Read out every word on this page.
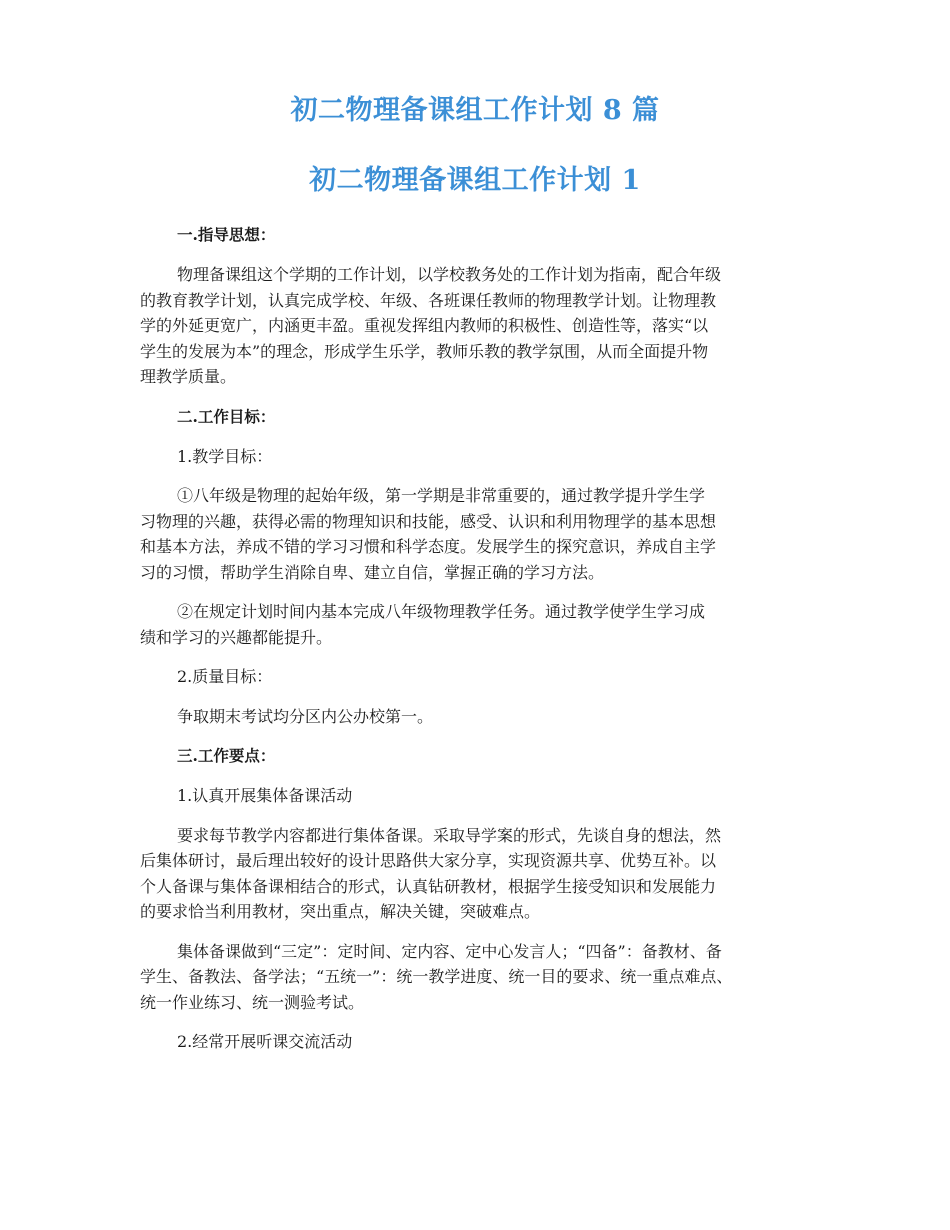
初二物理备课组工作计划 8 篇
初二物理备课组工作计划 1
一.指导思想：
物理备课组这个学期的工作计划，以学校教务处的工作计划为指南，配合年级
的教育教学计划，认真完成学校、年级、各班课任教师的物理教学计划。让物理教
学的外延更宽广，内涵更丰盈。重视发挥组内教师的积极性、创造性等，落实“以
学生的发展为本”的理念，形成学生乐学，教师乐教的教学氛围，从而全面提升物
理教学质量。
二.工作目标：
1.教学目标：
①八年级是物理的起始年级，第一学期是非常重要的，通过教学提升学生学
习物理的兴趣，获得必需的物理知识和技能，感受、认识和利用物理学的基本思想
和基本方法，养成不错的学习习惯和科学态度。发展学生的探究意识，养成自主学
习的习惯，帮助学生消除自卑、建立自信，掌握正确的学习方法。
②在规定计划时间内基本完成八年级物理教学任务。通过教学使学生学习成
绩和学习的兴趣都能提升。
2.质量目标：
争取期末考试均分区内公办校第一。
三.工作要点：
1.认真开展集体备课活动
要求每节教学内容都进行集体备课。采取导学案的形式，先谈自身的想法，然
后集体研讨，最后理出较好的设计思路供大家分享，实现资源共享、优势互补。以
个人备课与集体备课相结合的形式，认真钻研教材，根据学生接受知识和发展能力
的要求恰当利用教材，突出重点，解决关键，突破难点。
集体备课做到“三定”：定时间、定内容、定中心发言人；“四备”：备教材、备
学生、备教法、备学法；“五统一”：统一教学进度、统一目的要求、统一重点难点、
统一作业练习、统一测验考试。
2.经常开展听课交流活动
